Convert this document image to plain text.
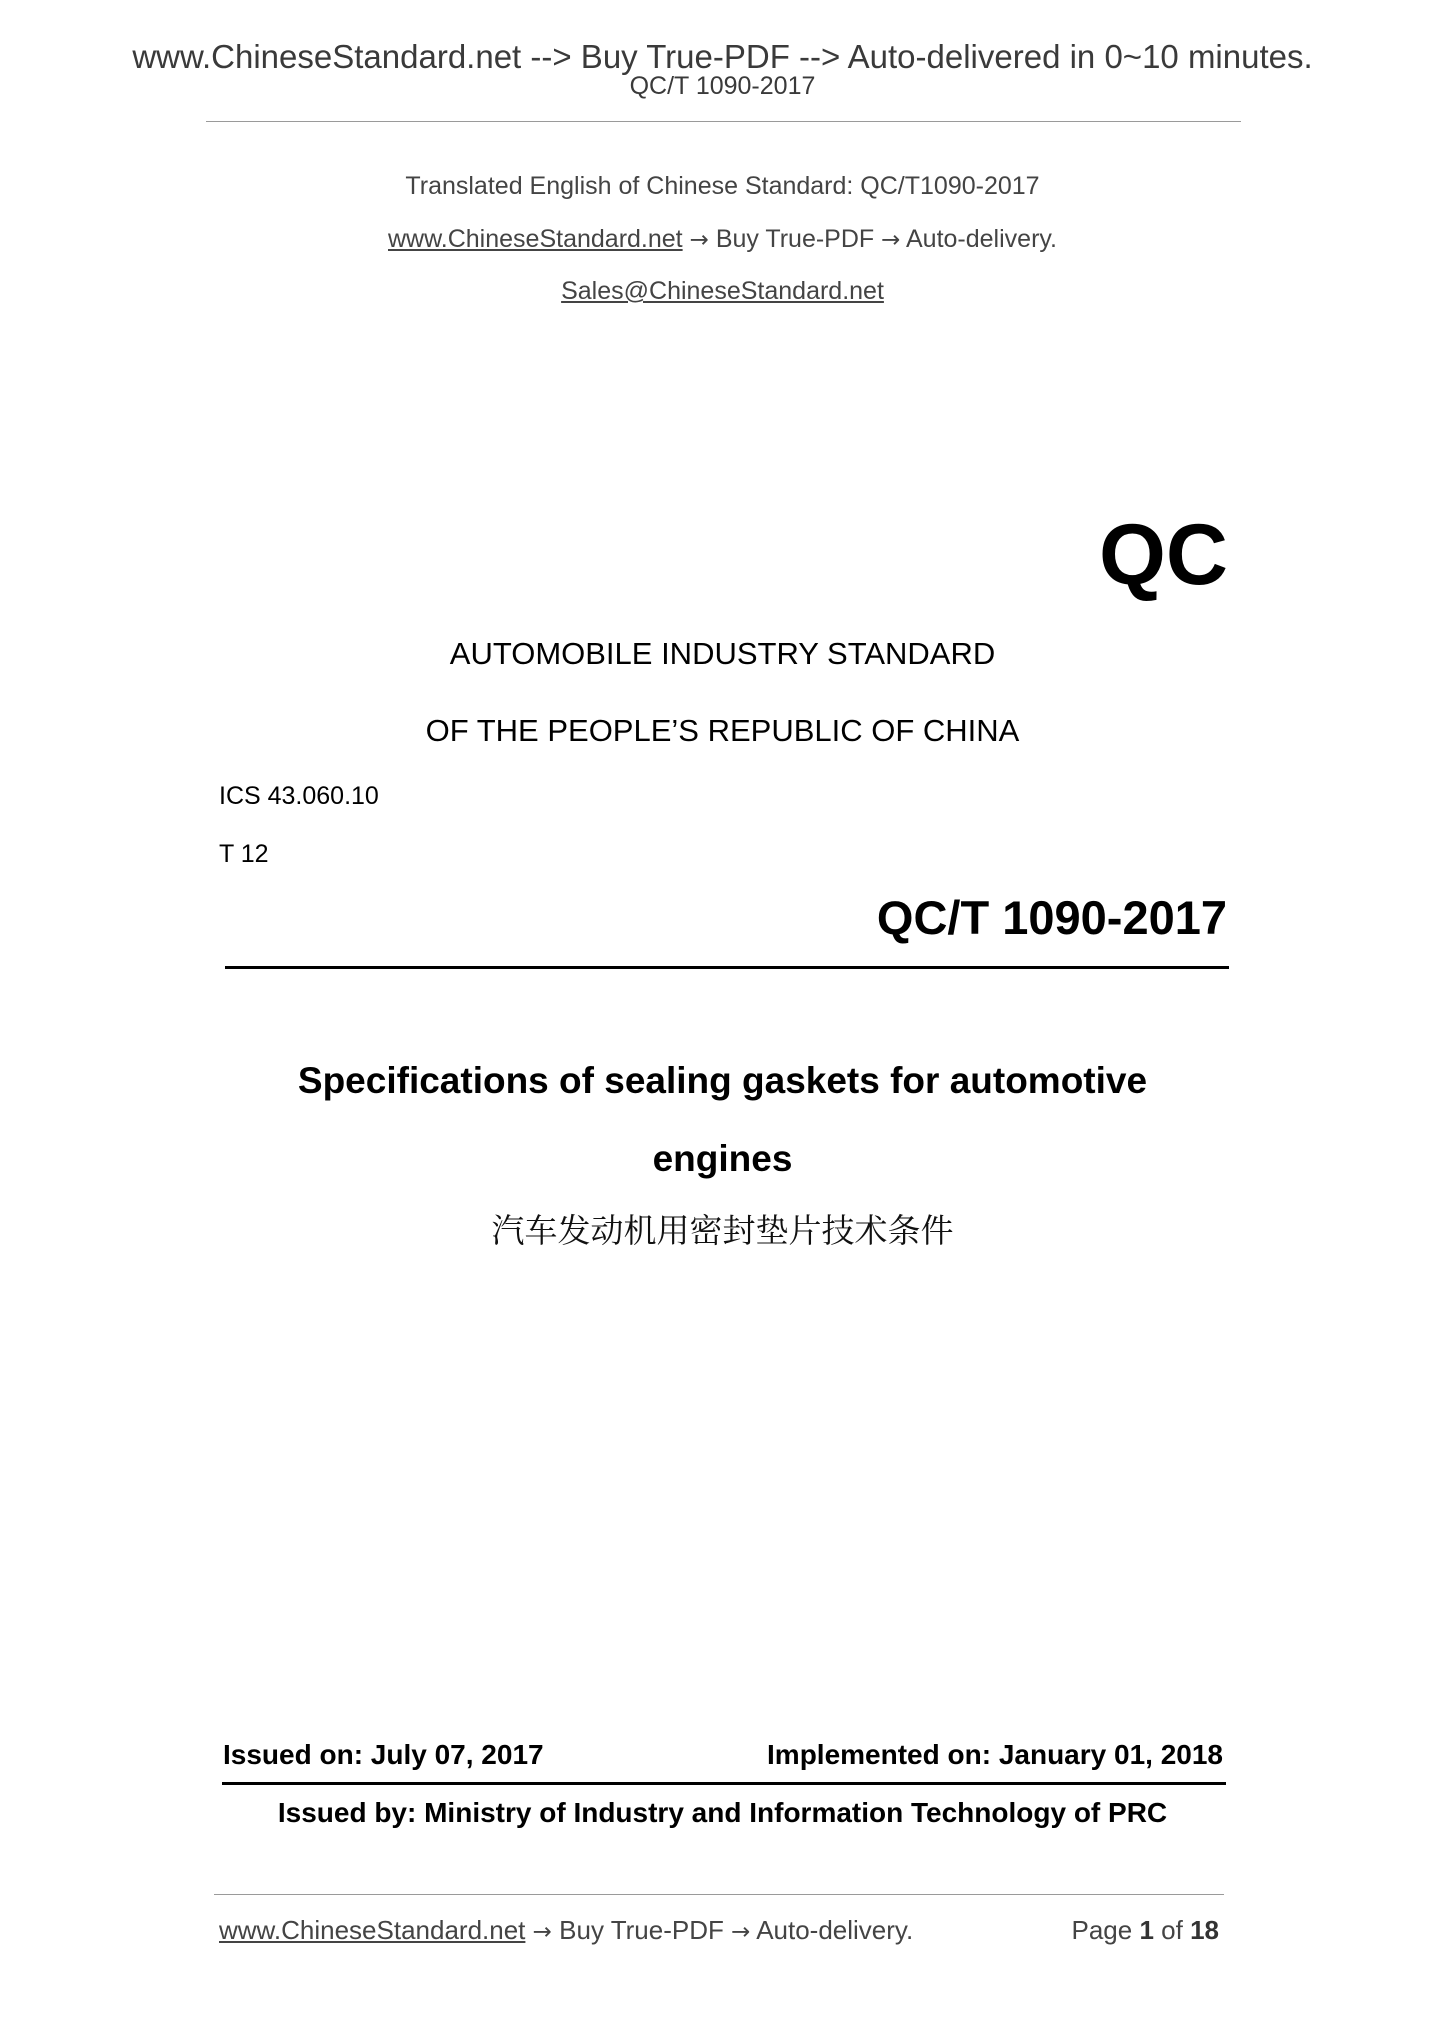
www.ChineseStandard.net --> Buy True-PDF --> Auto-delivered in 0~10 minutes.
QC/T 1090-2017
Translated English of Chinese Standard: QC/T1090-2017
www.ChineseStandard.net → Buy True-PDF → Auto-delivery.
Sales@ChineseStandard.net
QC
AUTOMOBILE INDUSTRY STANDARD
OF THE PEOPLE’S REPUBLIC OF CHINA
ICS 43.060.10
T 12
QC/T 1090-2017
Specifications of sealing gaskets for automotive
engines
汽车发动机用密封垫片技术条件
Issued on: July 07, 2017	Implemented on: January 01, 2018
Issued by: Ministry of Industry and Information Technology of PRC
www.ChineseStandard.net → Buy True-PDF → Auto-delivery.	Page 1 of 18
